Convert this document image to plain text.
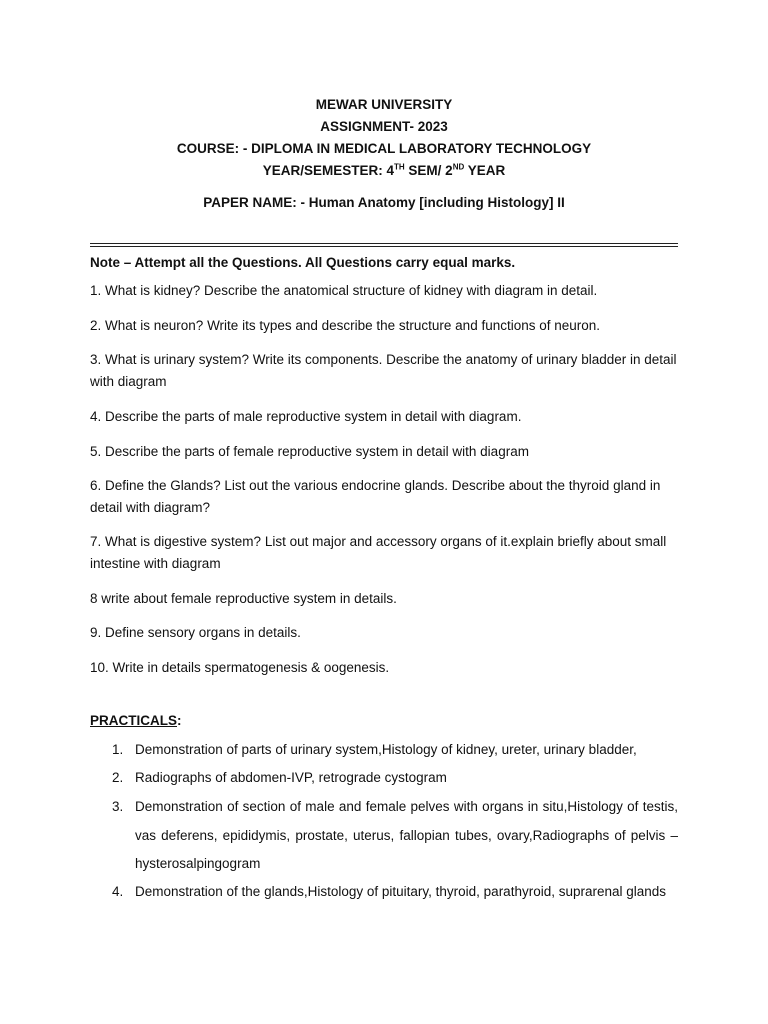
MEWAR UNIVERSITY
ASSIGNMENT- 2023
COURSE: - DIPLOMA IN MEDICAL LABORATORY TECHNOLOGY
YEAR/SEMESTER: 4TH SEM/ 2ND YEAR
PAPER NAME: - Human Anatomy [including Histology] II
Note – Attempt all the Questions. All Questions carry equal marks.
1. What is kidney? Describe the anatomical structure of kidney with diagram in detail.
2. What is neuron? Write its types and describe the structure and functions of neuron.
3. What is urinary system? Write its components. Describe the anatomy of urinary bladder in detail with diagram
4. Describe the parts of male reproductive system in detail with diagram.
5. Describe the parts of female reproductive system in detail with diagram
6. Define the Glands? List out the various endocrine glands. Describe about the thyroid gland in detail with diagram?
7. What is digestive system? List out major and accessory organs of it.explain briefly about small intestine with diagram
8 write about female reproductive system in details.
9. Define sensory organs in details.
10. Write in details spermatogenesis & oogenesis.
PRACTICALS:
1. Demonstration of parts of urinary system,Histology of kidney, ureter, urinary bladder,
2. Radiographs of abdomen-IVP, retrograde cystogram
3. Demonstration of section of male and female pelves with organs in situ,Histology of testis, vas deferens, epididymis, prostate, uterus, fallopian tubes, ovary,Radiographs of pelvis – hysterosalpingogram
4. Demonstration of the glands,Histology of pituitary, thyroid, parathyroid, suprarenal glands
